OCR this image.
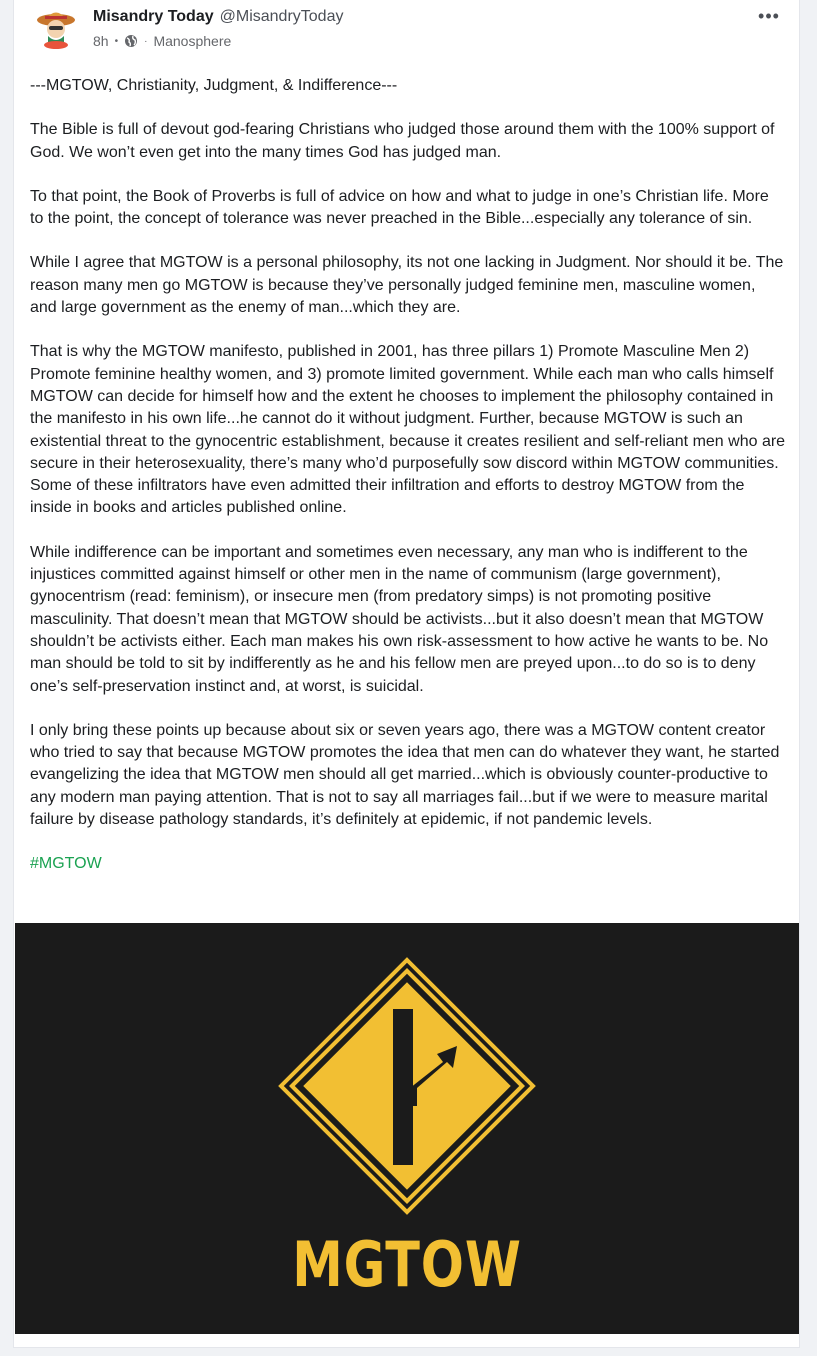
Misandry Today @MisandryToday
8h •	· Manosphere
•••

---MGTOW, Christianity, Judgment, & Indifference---

The Bible is full of devout god-fearing Christians who judged those around them with the 100% support of God. We won’t even get into the many times God has judged man.

To that point, the Book of Proverbs is full of advice on how and what to judge in one’s Christian life. More to the point, the concept of tolerance was never preached in the Bible...especially any tolerance of sin.

While I agree that MGTOW is a personal philosophy, its not one lacking in Judgment. Nor should it be. The reason many men go MGTOW is because they’ve personally judged feminine men, masculine women, and large government as the enemy of man...which they are.

That is why the MGTOW manifesto, published in 2001, has three pillars 1) Promote Masculine Men 2) Promote feminine healthy women, and 3) promote limited government. While each man who calls himself MGTOW can decide for himself how and the extent he chooses to implement the philosophy contained in the manifesto in his own life...he cannot do it without judgment. Further, because MGTOW is such an existential threat to the gynocentric establishment, because it creates resilient and self-reliant men who are secure in their heterosexuality, there’s many who’d purposefully sow discord within MGTOW communities. Some of these infiltrators have even admitted their infiltration and efforts to destroy MGTOW from the inside in books and articles published online.

While indifference can be important and sometimes even necessary, any man who is indifferent to the injustices committed against himself or other men in the name of communism (large government), gynocentrism (read: feminism), or insecure men (from predatory simps) is not promoting positive masculinity. That doesn’t mean that MGTOW should be activists...but it also doesn’t mean that MGTOW shouldn’t be activists either. Each man makes his own risk-assessment to how active he wants to be. No man should be told to sit by indifferently as he and his fellow men are preyed upon...to do so is to deny one’s self-preservation instinct and, at worst, is suicidal.

I only bring these points up because about six or seven years ago, there was a MGTOW content creator who tried to say that because MGTOW promotes the idea that men can do whatever they want, he started evangelizing the idea that MGTOW men should all get married...which is obviously counter-productive to any modern man paying attention. That is not to say all marriages fail...but if we were to measure marital failure by disease pathology standards, it’s definitely at epidemic, if not pandemic levels.

#MGTOW

MGTOW
